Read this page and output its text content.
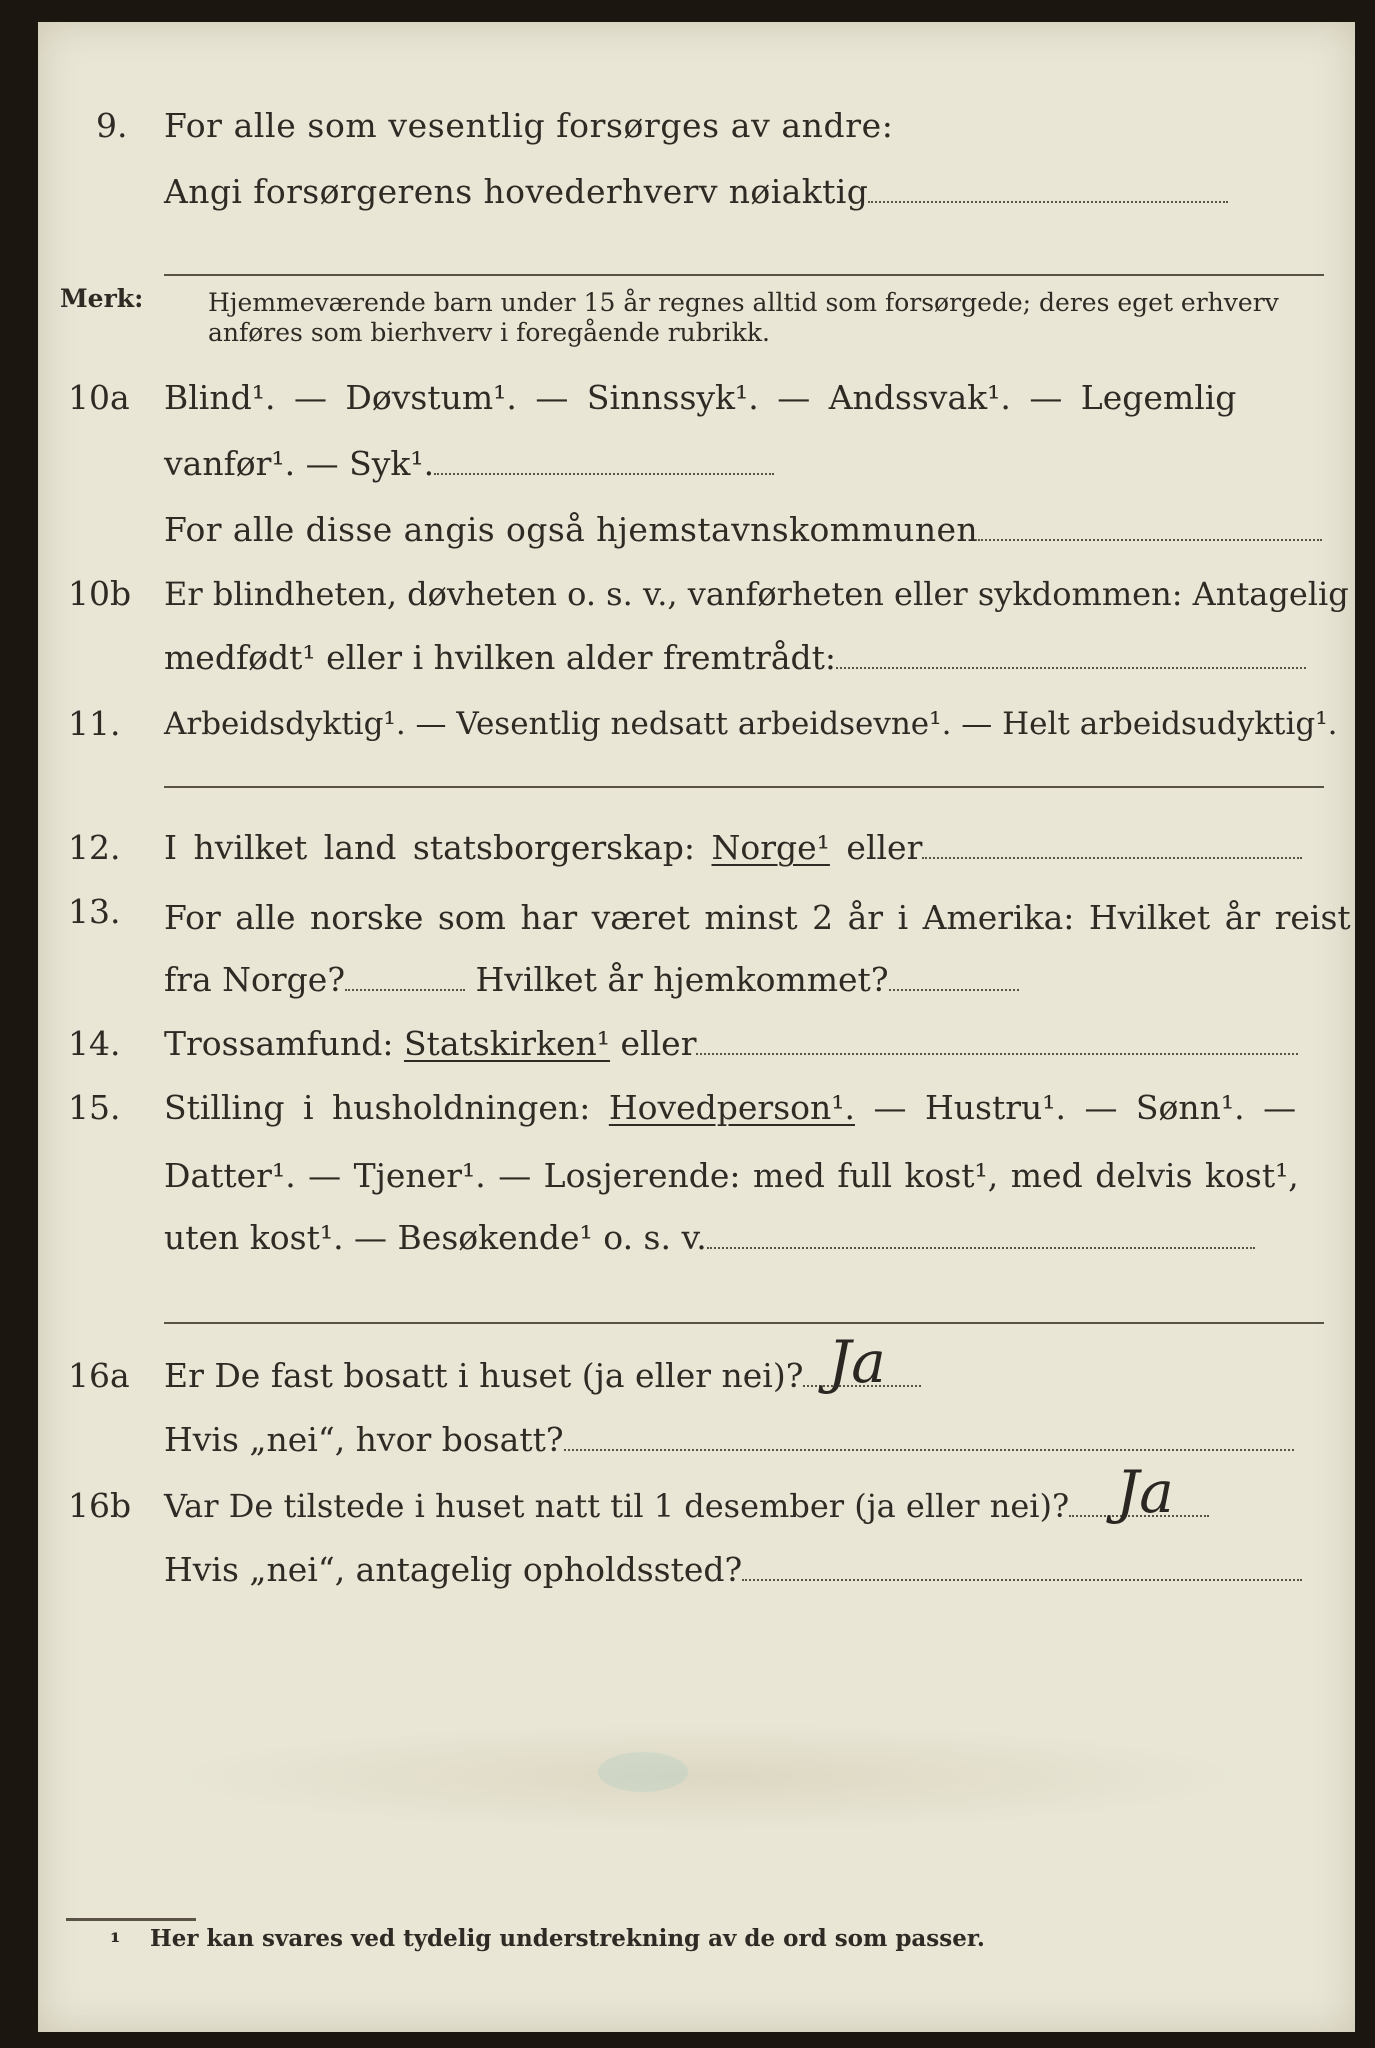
9. For alle som vesentlig forsørges av andre:
Angi forsørgerens hovederhverv nøiaktig
Merk:	Hjemmeværende barn under 15 år regnes alltid som forsørgede; deres eget erhverv
anføres som bierhverv i foregående rubrikk.
10a Blind¹. — Døvstum¹. — Sinnssyk¹. — Andssvak¹. — Legemlig
vanfør¹. — Syk¹.
For alle disse angis også hjemstavnskommunen
10b Er blindheten, døvheten o. s. v., vanførheten eller sykdommen: Antagelig
medfødt¹ eller i hvilken alder fremtrådt:
11. Arbeidsdyktig¹. — Vesentlig nedsatt arbeidsevne¹. — Helt arbeidsudyktig¹.
12. I hvilket land statsborgerskap: Norge¹ eller
13. For alle norske som har været minst 2 år i Amerika: Hvilket år reist
fra Norge?	Hvilket år hjemkommet?
14. Trossamfund: Statskirken¹ eller
15. Stilling i husholdningen: Hovedperson¹. — Hustru¹. — Sønn¹. —
Datter¹. — Tjener¹. — Losjerende: med full kost¹, med delvis kost¹,
uten kost¹. — Besøkende¹ o. s. v.
16a Er De fast bosatt i huset (ja eller nei)? Ja
Hvis „nei“, hvor bosatt?
16b Var De tilstede i huset natt til 1 desember (ja eller nei)? Ja
Hvis „nei“, antagelig opholdssted?
¹ Her kan svares ved tydelig understrekning av de ord som passer.
